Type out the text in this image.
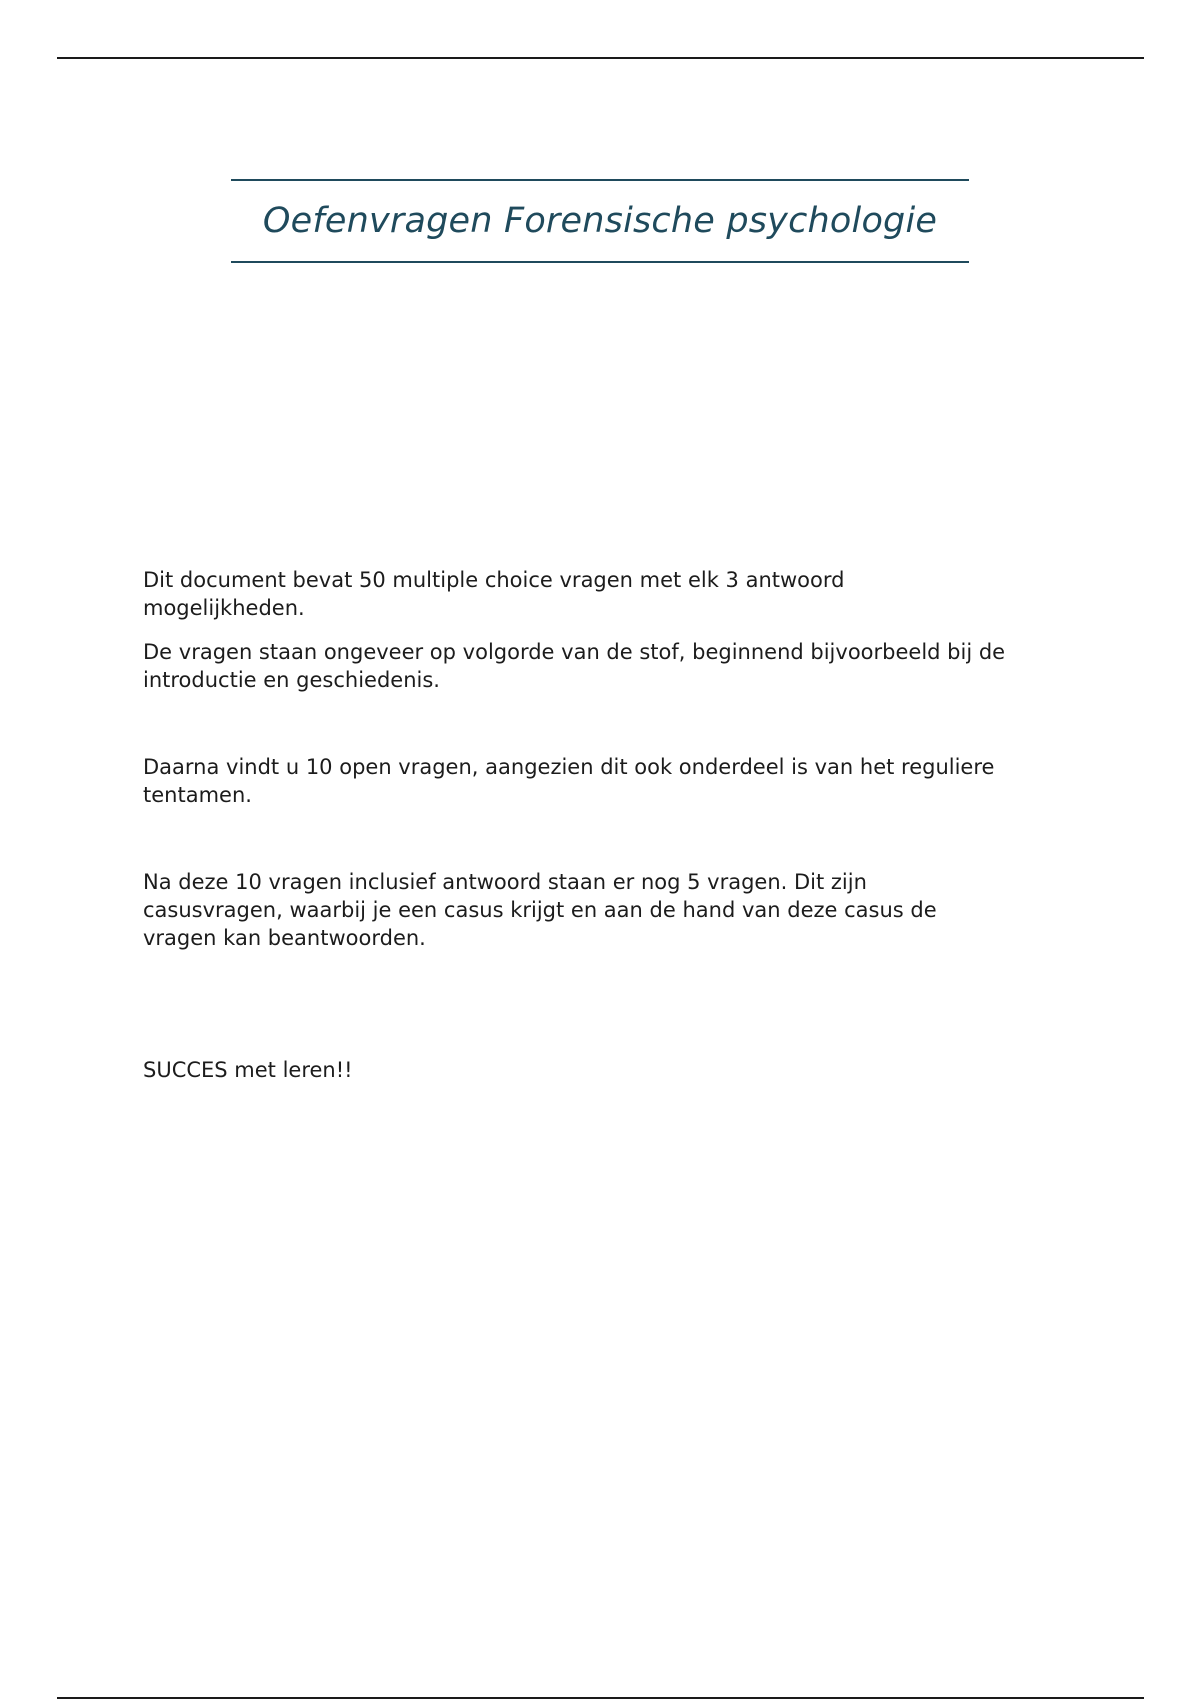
Oefenvragen Forensische psychologie

Dit document bevat 50 multiple choice vragen met elk 3 antwoord mogelijkheden.

De vragen staan ongeveer op volgorde van de stof, beginnend bijvoorbeeld bij de introductie en geschiedenis.

Daarna vindt u 10 open vragen, aangezien dit ook onderdeel is van het reguliere tentamen.

Na deze 10 vragen inclusief antwoord staan er nog 5 vragen. Dit zijn casusvragen, waarbij je een casus krijgt en aan de hand van deze casus de vragen kan beantwoorden.

SUCCES met leren!!
